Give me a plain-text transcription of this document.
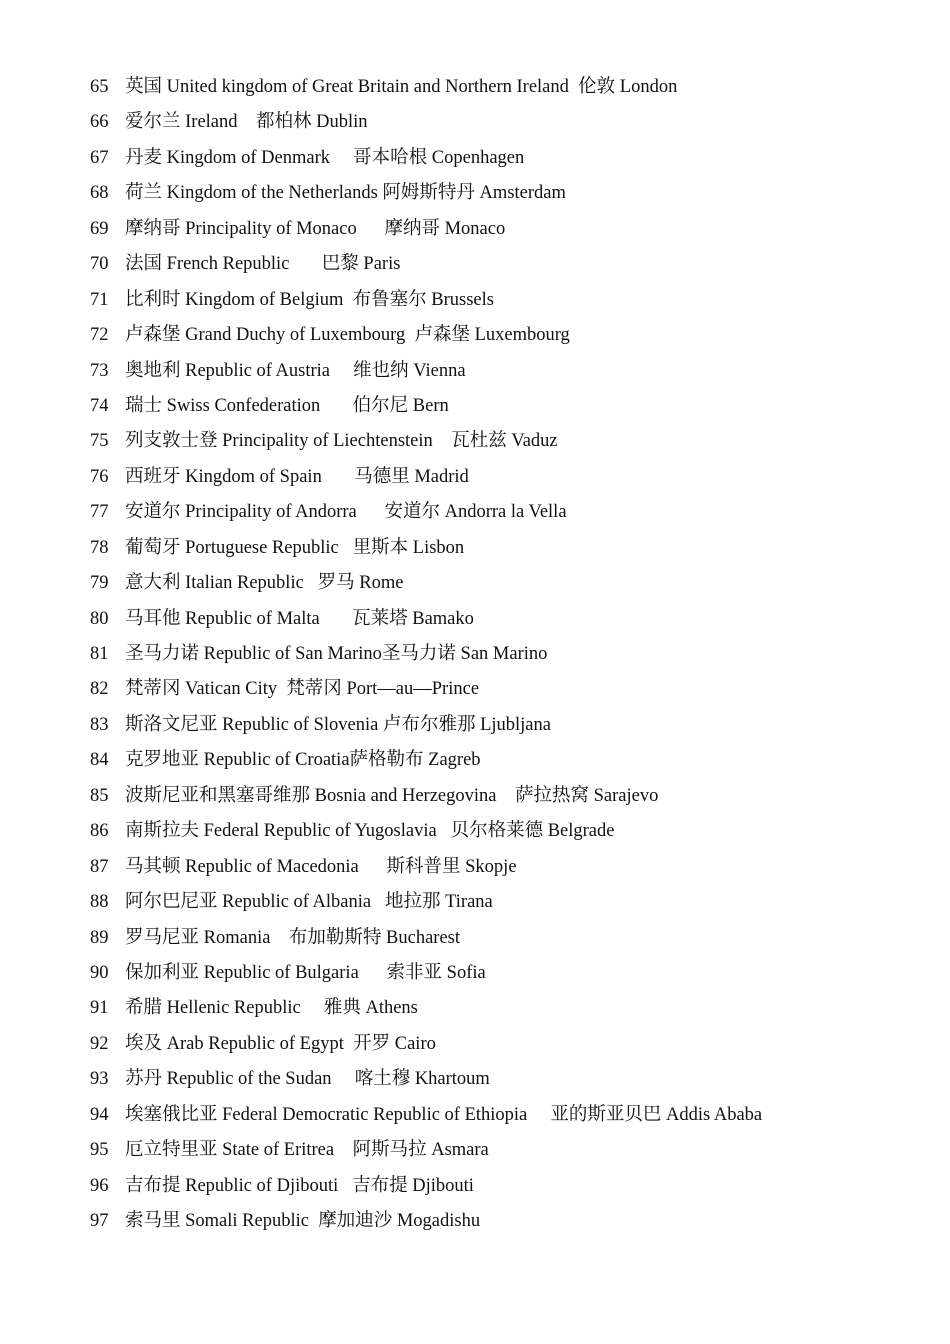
65 英国 United kingdom of Great Britain and Northern Ireland  伦敦 London
66 爱尔兰 Ireland    都柏林 Dublin
67 丹麦 Kingdom of Denmark     哥本哈根 Copenhagen
68 荷兰 Kingdom of the Netherlands 阿姆斯特丹 Amsterdam
69 摩纳哥 Principality of Monaco      摩纳哥 Monaco
70 法国 French Republic       巴黎 Paris
71 比利时 Kingdom of Belgium  布鲁塞尔 Brussels
72 卢森堡 Grand Duchy of Luxembourg  卢森堡 Luxembourg
73 奥地利 Republic of Austria     维也纳 Vienna
74 瑞士 Swiss Confederation       伯尔尼 Bern
75 列支敦士登 Principality of Liechtenstein    瓦杜兹 Vaduz
76 西班牙 Kingdom of Spain       马德里 Madrid
77 安道尔 Principality of Andorra      安道尔 Andorra la Vella
78 葡萄牙 Portuguese Republic   里斯本 Lisbon
79 意大利 Italian Republic   罗马 Rome
80 马耳他 Republic of Malta       瓦莱塔 Bamako
81 圣马力诺 Republic of San Marino圣马力诺 San Marino
82 梵蒂冈 Vatican City  梵蒂冈 Port—au—Prince
83 斯洛文尼亚 Republic of Slovenia 卢布尔雅那 Ljubljana
84 克罗地亚 Republic of Croatia萨格勒布 Zagreb
85 波斯尼亚和黑塞哥维那 Bosnia and Herzegovina    萨拉热窝 Sarajevo
86 南斯拉夫 Federal Republic of Yugoslavia   贝尔格莱德 Belgrade
87 马其顿 Republic of Macedonia      斯科普里 Skopje
88 阿尔巴尼亚 Republic of Albania   地拉那 Tirana
89 罗马尼亚 Romania    布加勒斯特 Bucharest
90 保加利亚 Republic of Bulgaria      索非亚 Sofia
91 希腊 Hellenic Republic     雅典 Athens
92 埃及 Arab Republic of Egypt  开罗 Cairo
93 苏丹 Republic of the Sudan     喀土穆 Khartoum
94 埃塞俄比亚 Federal Democratic Republic of Ethiopia     亚的斯亚贝巴 Addis Ababa
95 厄立特里亚 State of Eritrea    阿斯马拉 Asmara
96 吉布提 Republic of Djibouti   吉布提 Djibouti
97 索马里 Somali Republic  摩加迪沙 Mogadishu
